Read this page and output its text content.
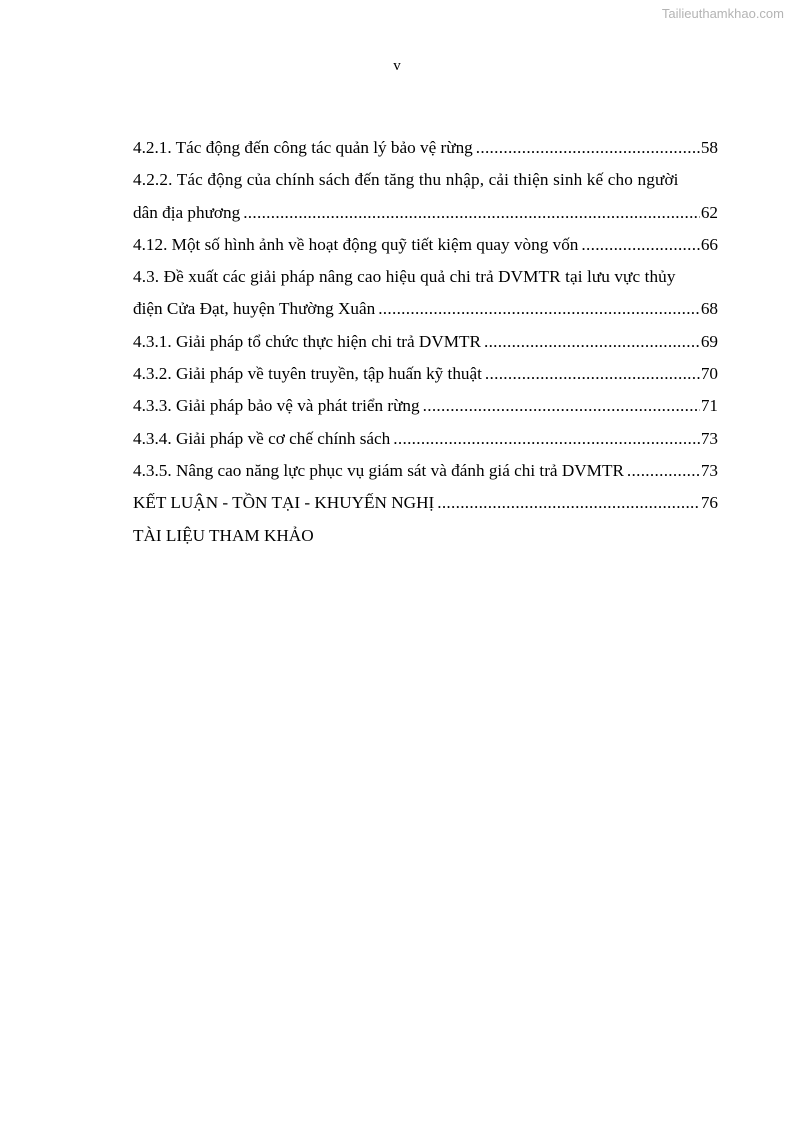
Tailieuthamkhao.com
v
4.2.1. Tác động đến công tác quản lý bảo vệ rừng .....	58
4.2.2. Tác động của chính sách đến tăng thu nhập, cải thiện sinh kế cho người
dân địa phương .....	62
4.12. Một số hình ảnh về hoạt động quỹ tiết kiệm quay vòng vốn .....	66
4.3. Đề xuất các giải pháp nâng cao hiệu quả chi trả DVMTR tại lưu vực thủy
điện Cửa Đạt, huyện Thường Xuân .....	68
4.3.1. Giải pháp tổ chức thực hiện chi trả DVMTR .....	69
4.3.2. Giải pháp về tuyên truyền, tập huấn kỹ thuật .....	70
4.3.3. Giải pháp bảo vệ và phát triển rừng .....	71
4.3.4. Giải pháp về cơ chế chính sách .....	73
4.3.5. Nâng cao năng lực phục vụ giám sát và đánh giá chi trả DVMTR .....	73
KẾT LUẬN - TỒN TẠI - KHUYẾN NGHỊ .....	76
TÀI LIỆU THAM KHẢO
